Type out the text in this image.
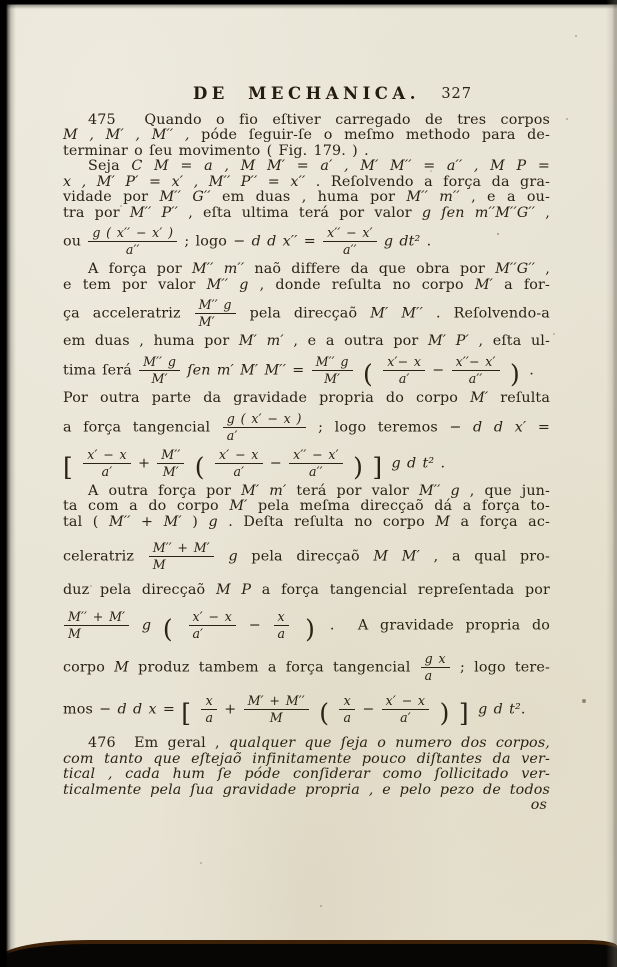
DE MECHANICA. 327
475  Quando o fio eſtiver carregado de tres corpos
M , M′ , M′′ , póde ſeguir-ſe o meſmo methodo para de-
terminar o ſeu movimento ( Fig. 179. ) .
Seja C M = a , M M′ = a′ , M′ M′′ = a′′ , M P =
x , M′ P′ = x′ , M′′ P′′ = x′′ . Reſolvendo a força da gra-
vidade por M′′ G′′ em duas , huma por M′′ m′′ , e a ou-
tra por M′′ P′′ , eſta ultima terá por valor g ſen m′′M′′G′′ ,
ou $\frac{g ( x'' - x' )}{a''}$ ; logo − d d $x'' = \frac{x'' - x'}{a''}$ g dt² .
A força por M′′ m′′ naõ differe da que obra por M′′G′′ ,
e tem por valor M′′ g , donde reſulta no corpo M′ a for-
ça acceleratriz $\frac{M'' g}{M'}$ pela direcçaõ M′ M′′ . Reſolvendo-a
em duas , huma por M′ m′ , e a outra por M′ P′ , eſta ul-
tima ſerá $\frac{M'' g}{M'}$ ſen m′ M′ $M'' = \frac{M'' g}{M'}$ ( $\frac{x'- x}{a'} - \frac{x''- x'}{a''}$ ) .
Por outra parte da gravidade propria do corpo M′ reſulta
a força tangencial $\frac{g ( x' - x )}{a'}$ ; logo teremos − d d x′ =
[ $\frac{x' - x}{a'} + \frac{M''}{M'}$ ( $\frac{x' - x}{a'} - \frac{x'' - x'}{a''}$ ) ] g d t² .
A outra força por M′ m′ terá por valor M′′ g , que jun-
ta com a do corpo M′ pela meſma direcçaõ dá a força to-
tal ( M′′ + M′ ) g . Deſta reſulta no corpo M a força ac-
celeratriz $\frac{M'' + M'}{M}$ g pela direcçaõ M M′ , a qual pro-
duz pela direcçaõ M P a força tangencial repreſentada por
$\frac{M'' + M'}{M}$ g ( $\frac{x' - x}{a'} - \frac{x}{a}$ ) .  A gravidade propria do
corpo M produz tambem a força tangencial $\frac{\text{g x}}{a}$ ; logo tere-
mos − d d x = [ $\frac{x}{a} + \frac{M' + M''}{M}$ ( $\frac{x}{a} - \frac{x' - x}{a'}$ ) ] g d t².
476  Em geral , qualquer que ſeja o numero dos corpos,
com tanto que eſtejaõ infinitamente pouco diſtantes da ver-
tical , cada hum ſe póde conſiderar como ſollicitado ver-
ticalmente pela ſua gravidade propria , e pelo pezo de todos
os
